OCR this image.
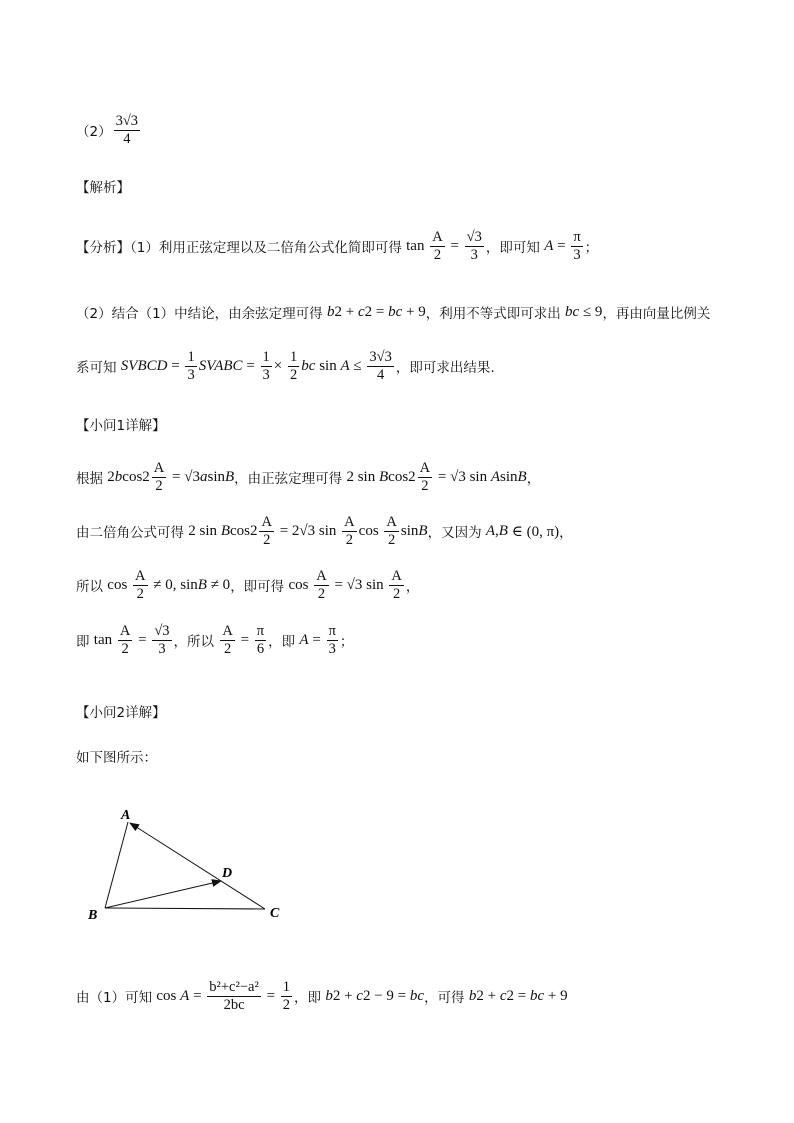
$(2) \frac{3√3}{4}$
【解析】
【分析】（1）利用正弦定理以及二倍角公式化简即可得 $\tan \frac{A}{2} = \frac{√3}{3}$ ，即可知 $A = \frac{\pi}{3}$ ；
（2）结合（1）中结论，由余弦定理可得 b 2 + c 2 = bc + 9 ，利用不等式即可求出 bc ≤ 9 ，再由向量比例关
系可知 S VBCD = $\frac{1}{3}$ S VABC = $\frac{1}{3} \times \frac{1}{2}$ bc $\sin A \le \frac{3√3}{4}$ ，即可求出结果.
【小问1详解】
根据 2 b $\cos 2 \frac{A}{2} = √3$ a sin B ，由正弦定理可得 2 sin B $\cos 2 \frac{A}{2} = √3$ sin A sin B ，
由二倍角公式可得 2 sin B $\cos 2 \frac{A}{2} = 2√3$ $\sin \frac{A}{2}$ $\cos \frac{A}{2}$ sin B ，又因为 A , B ∈ (0, π) ，
所以 $\cos \frac{A}{2} \ne 0$, sin B ≠ 0 ，即可得 $\cos \frac{A}{2} = √3$ $\sin \frac{A}{2}$ ，
即 $\tan \frac{A}{2} = \frac{√3}{3}$ ，所以 $\frac{A}{2} = \frac{\pi}{6}$ ，即 $A = \frac{\pi}{3}$ ；
【小问2详解】
如下图所示：
A
D
B	C
由（1）可知 $\cos A = \frac{\text{b²+c²−a²}}{2bc} = \frac{1}{2}$ ，即 b 2 + c 2 − 9 = bc ，可得 b 2 + c 2 = bc + 9
